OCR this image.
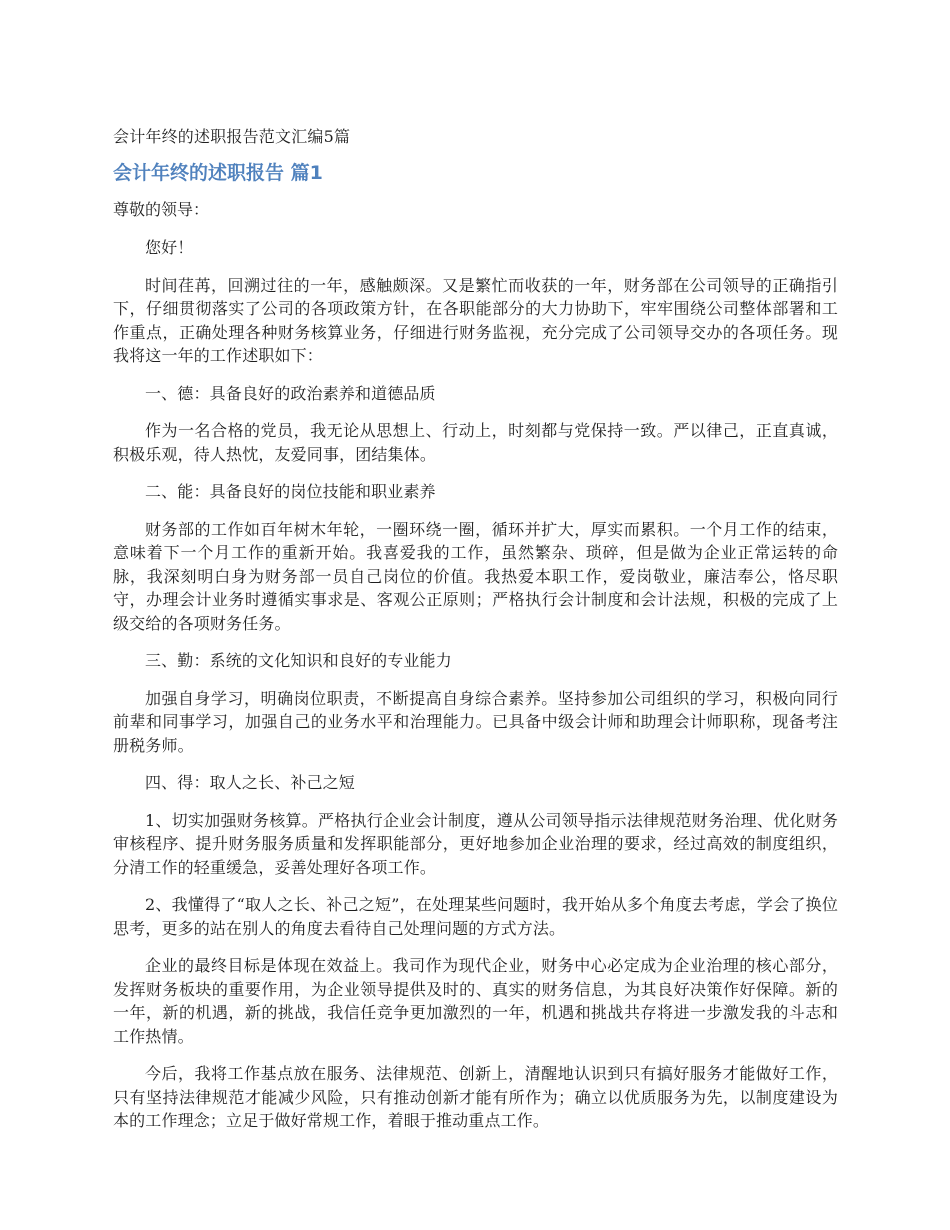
会计年终的述职报告范文汇编5篇
会计年终的述职报告 篇1
尊敬的领导：

您好！

时间荏苒，回溯过往的一年，感触颇深。又是繁忙而收获的一年，财务部在公司领导的正确指引下，仔细贯彻落实了公司的各项政策方针，在各职能部分的大力协助下，牢牢围绕公司整体部署和工作重点，正确处理各种财务核算业务，仔细进行财务监视，充分完成了公司领导交办的各项任务。现我将这一年的工作述职如下：

一、德：具备良好的政治素养和道德品质

作为一名合格的党员，我无论从思想上、行动上，时刻都与党保持一致。严以律己，正直真诚，积极乐观，待人热忱，友爱同事，团结集体。

二、能：具备良好的岗位技能和职业素养

财务部的工作如百年树木年轮，一圈环绕一圈，循环并扩大，厚实而累积。一个月工作的结束，意味着下一个月工作的重新开始。我喜爱我的工作，虽然繁杂、琐碎，但是做为企业正常运转的命脉，我深刻明白身为财务部一员自己岗位的价值。我热爱本职工作，爱岗敬业，廉洁奉公，恪尽职守，办理会计业务时遵循实事求是、客观公正原则；严格执行会计制度和会计法规，积极的完成了上级交给的各项财务任务。

三、勤：系统的文化知识和良好的专业能力

加强自身学习，明确岗位职责，不断提高自身综合素养。坚持参加公司组织的学习，积极向同行前辈和同事学习，加强自己的业务水平和治理能力。已具备中级会计师和助理会计师职称，现备考注册税务师。

四、得：取人之长、补己之短

1、切实加强财务核算。严格执行企业会计制度，遵从公司领导指示法律规范财务治理、优化财务审核程序、提升财务服务质量和发挥职能部分，更好地参加企业治理的要求，经过高效的制度组织，分清工作的轻重缓急，妥善处理好各项工作。

2、我懂得了“取人之长、补己之短”，在处理某些问题时，我开始从多个角度去考虑，学会了换位思考，更多的站在别人的角度去看待自己处理问题的方式方法。

企业的最终目标是体现在效益上。我司作为现代企业，财务中心必定成为企业治理的核心部分，发挥财务板块的重要作用，为企业领导提供及时的、真实的财务信息，为其良好决策作好保障。新的一年，新的机遇，新的挑战，我信任竞争更加激烈的一年，机遇和挑战共存将进一步激发我的斗志和工作热情。

今后，我将工作基点放在服务、法律规范、创新上，清醒地认识到只有搞好服务才能做好工作，只有坚持法律规范才能减少风险，只有推动创新才能有所作为；确立以优质服务为先，以制度建设为本的工作理念；立足于做好常规工作，着眼于推动重点工作。
